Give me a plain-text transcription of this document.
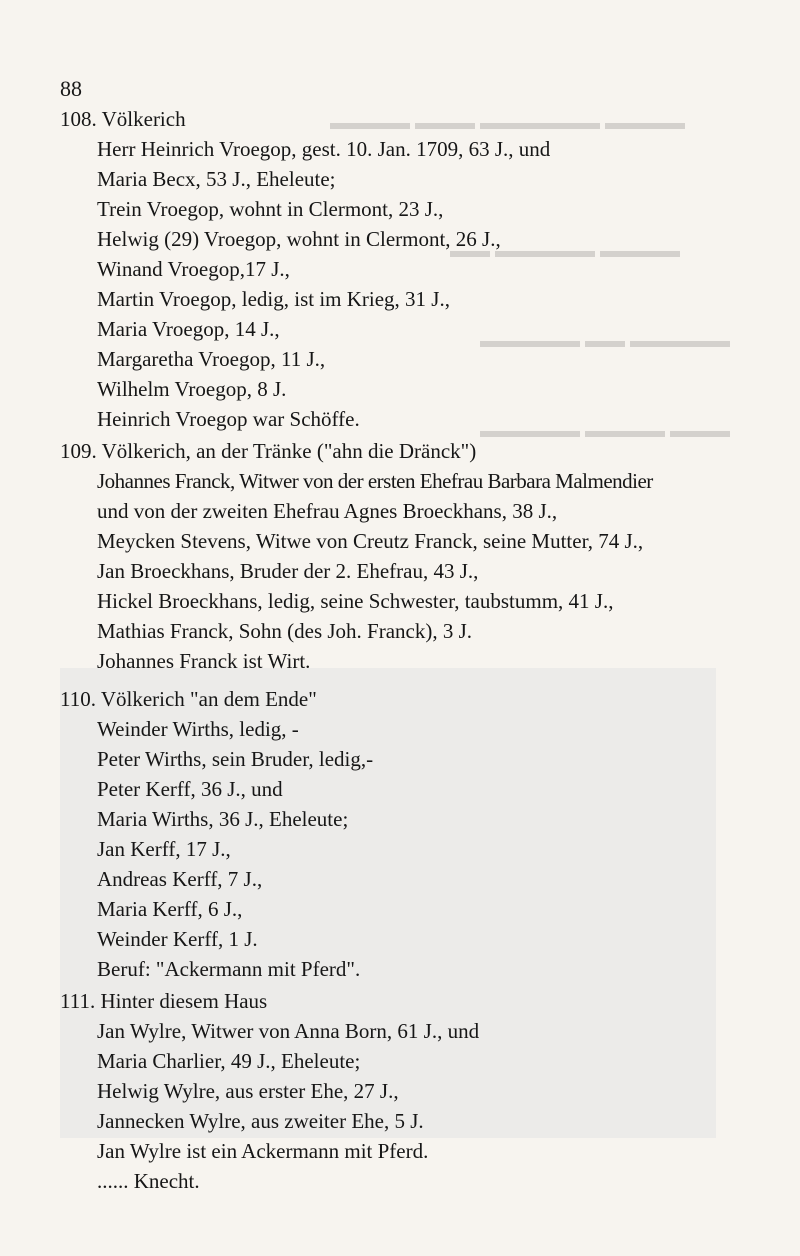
▬▬▬▬ ▬▬▬▬▬▬ ▬▬▬ ▬▬▬▬
▬▬▬▬ ▬▬▬▬▬ ▬▬
▬▬▬▬▬ ▬▬ ▬▬▬▬▬
▬▬▬ ▬▬▬▬ ▬▬▬▬▬
88
108. Völkerich
Herr Heinrich Vroegop, gest. 10. Jan. 1709, 63 J., und
Maria Becx, 53 J., Eheleute;
Trein Vroegop, wohnt in Clermont, 23 J.,
Helwig (29) Vroegop, wohnt in Clermont, 26 J.,
Winand Vroegop,17 J.,
Martin Vroegop, ledig, ist im Krieg, 31 J.,
Maria Vroegop, 14 J.,
Margaretha Vroegop, 11 J.,
Wilhelm Vroegop, 8 J.
Heinrich Vroegop war Schöffe.
109. Völkerich, an der Tränke ("ahn die Dränck")
Johannes Franck, Witwer von der ersten Ehefrau Barbara Malmendier
und von der zweiten Ehefrau Agnes Broeckhans, 38 J.,
Meycken Stevens, Witwe von Creutz Franck, seine Mutter, 74 J.,
Jan Broeckhans, Bruder der 2. Ehefrau, 43 J.,
Hickel Broeckhans, ledig, seine Schwester, taubstumm, 41 J.,
Mathias Franck, Sohn (des Joh. Franck), 3 J.
Johannes Franck ist Wirt.
110. Völkerich "an dem Ende"
Weinder Wirths, ledig, -
Peter Wirths, sein Bruder, ledig,-
Peter Kerff, 36 J., und
Maria Wirths, 36 J., Eheleute;
Jan Kerff, 17 J.,
Andreas Kerff, 7 J.,
Maria Kerff, 6 J.,
Weinder Kerff, 1 J.
Beruf: "Ackermann mit Pferd".
111. Hinter diesem Haus
Jan Wylre, Witwer von Anna Born, 61 J., und
Maria Charlier, 49 J., Eheleute;
Helwig Wylre, aus erster Ehe, 27 J.,
Jannecken Wylre, aus zweiter Ehe, 5 J.
Jan Wylre ist ein Ackermann mit Pferd.
...... Knecht.
